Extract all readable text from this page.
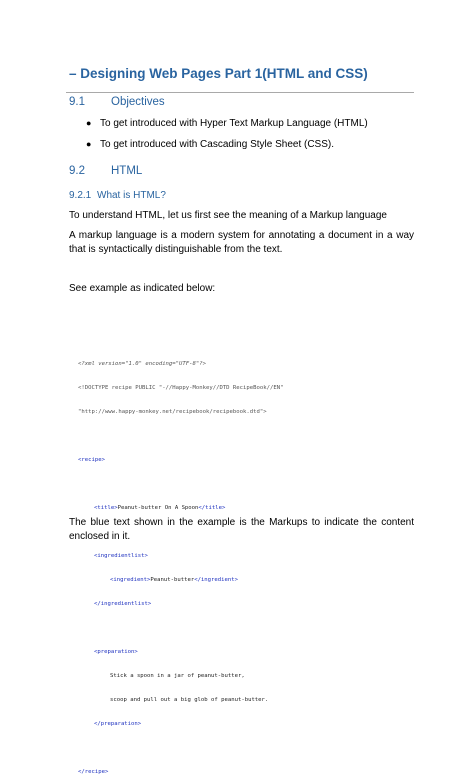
– Designing Web Pages Part 1(HTML and CSS)
9.1 Objectives
● To get introduced with Hyper Text Markup Language (HTML)
● To get introduced with Cascading Style Sheet (CSS).
9.2 HTML
9.2.1 What is HTML?
To understand HTML, let us first see the meaning of a Markup language
A markup language is a modern system for annotating a document in a way that is syntactically distinguishable from the text.
See example as indicated below:

<?xml version="1.0" encoding="UTF-8"?>

<!DOCTYPE recipe PUBLIC "-//Happy-Monkey//DTD RecipeBook//EN"

"http://www.happy-monkey.net/recipebook/recipebook.dtd">

<recipe>

<title>Peanut-butter On A Spoon</title>

<ingredientlist>

<ingredient>Peanut-butter</ingredient>

</ingredientlist>

<preparation>

Stick a spoon in a jar of peanut-butter,

scoop and pull out a big glob of peanut-butter.

</preparation>

</recipe>

The blue text shown in the example is the Markups to indicate the content enclosed in it.
